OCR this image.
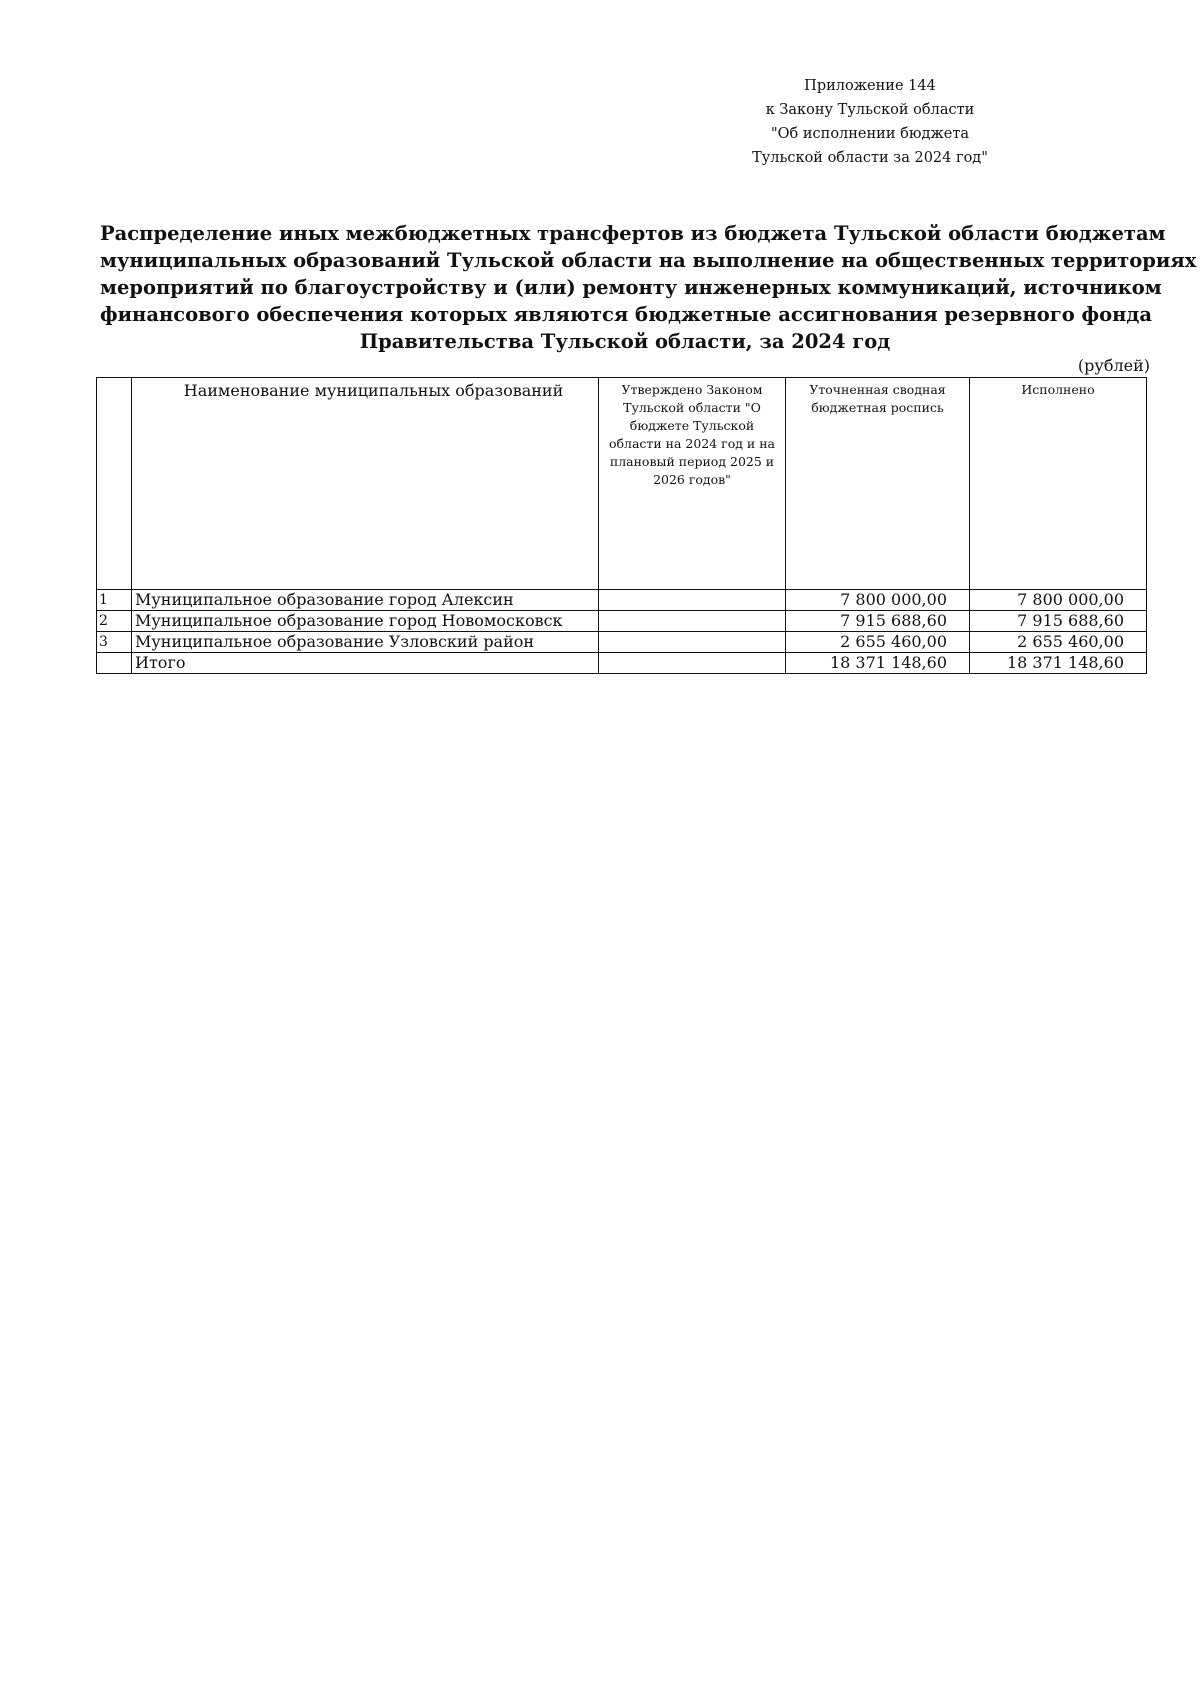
Приложение 144
к Закону Тульской области
"Об исполнении бюджета
Тульской области за 2024 год"
Распределение иных межбюджетных трансфертов из бюджета Тульской области бюджетам
муниципальных образований Тульской области на выполнение на общественных территориях
мероприятий по благоустройству и (или) ремонту инженерных коммуникаций, источником
финансового обеспечения которых являются бюджетные ассигнования резервного фонда
Правительства Тульской области, за 2024 год
(рублей)
	Наименование муниципальных образований	Утверждено Законом Тульской области "О бюджете Тульской области на 2024 год и на плановый период 2025 и 2026 годов"	Уточненная сводная бюджетная роспись	Исполнено
1	Муниципальное образование город Алексин		7 800 000,00	7 800 000,00
2	Муниципальное образование город Новомосковск		7 915 688,60	7 915 688,60
3	Муниципальное образование Узловский район		2 655 460,00	2 655 460,00
	Итого		18 371 148,60	18 371 148,60
